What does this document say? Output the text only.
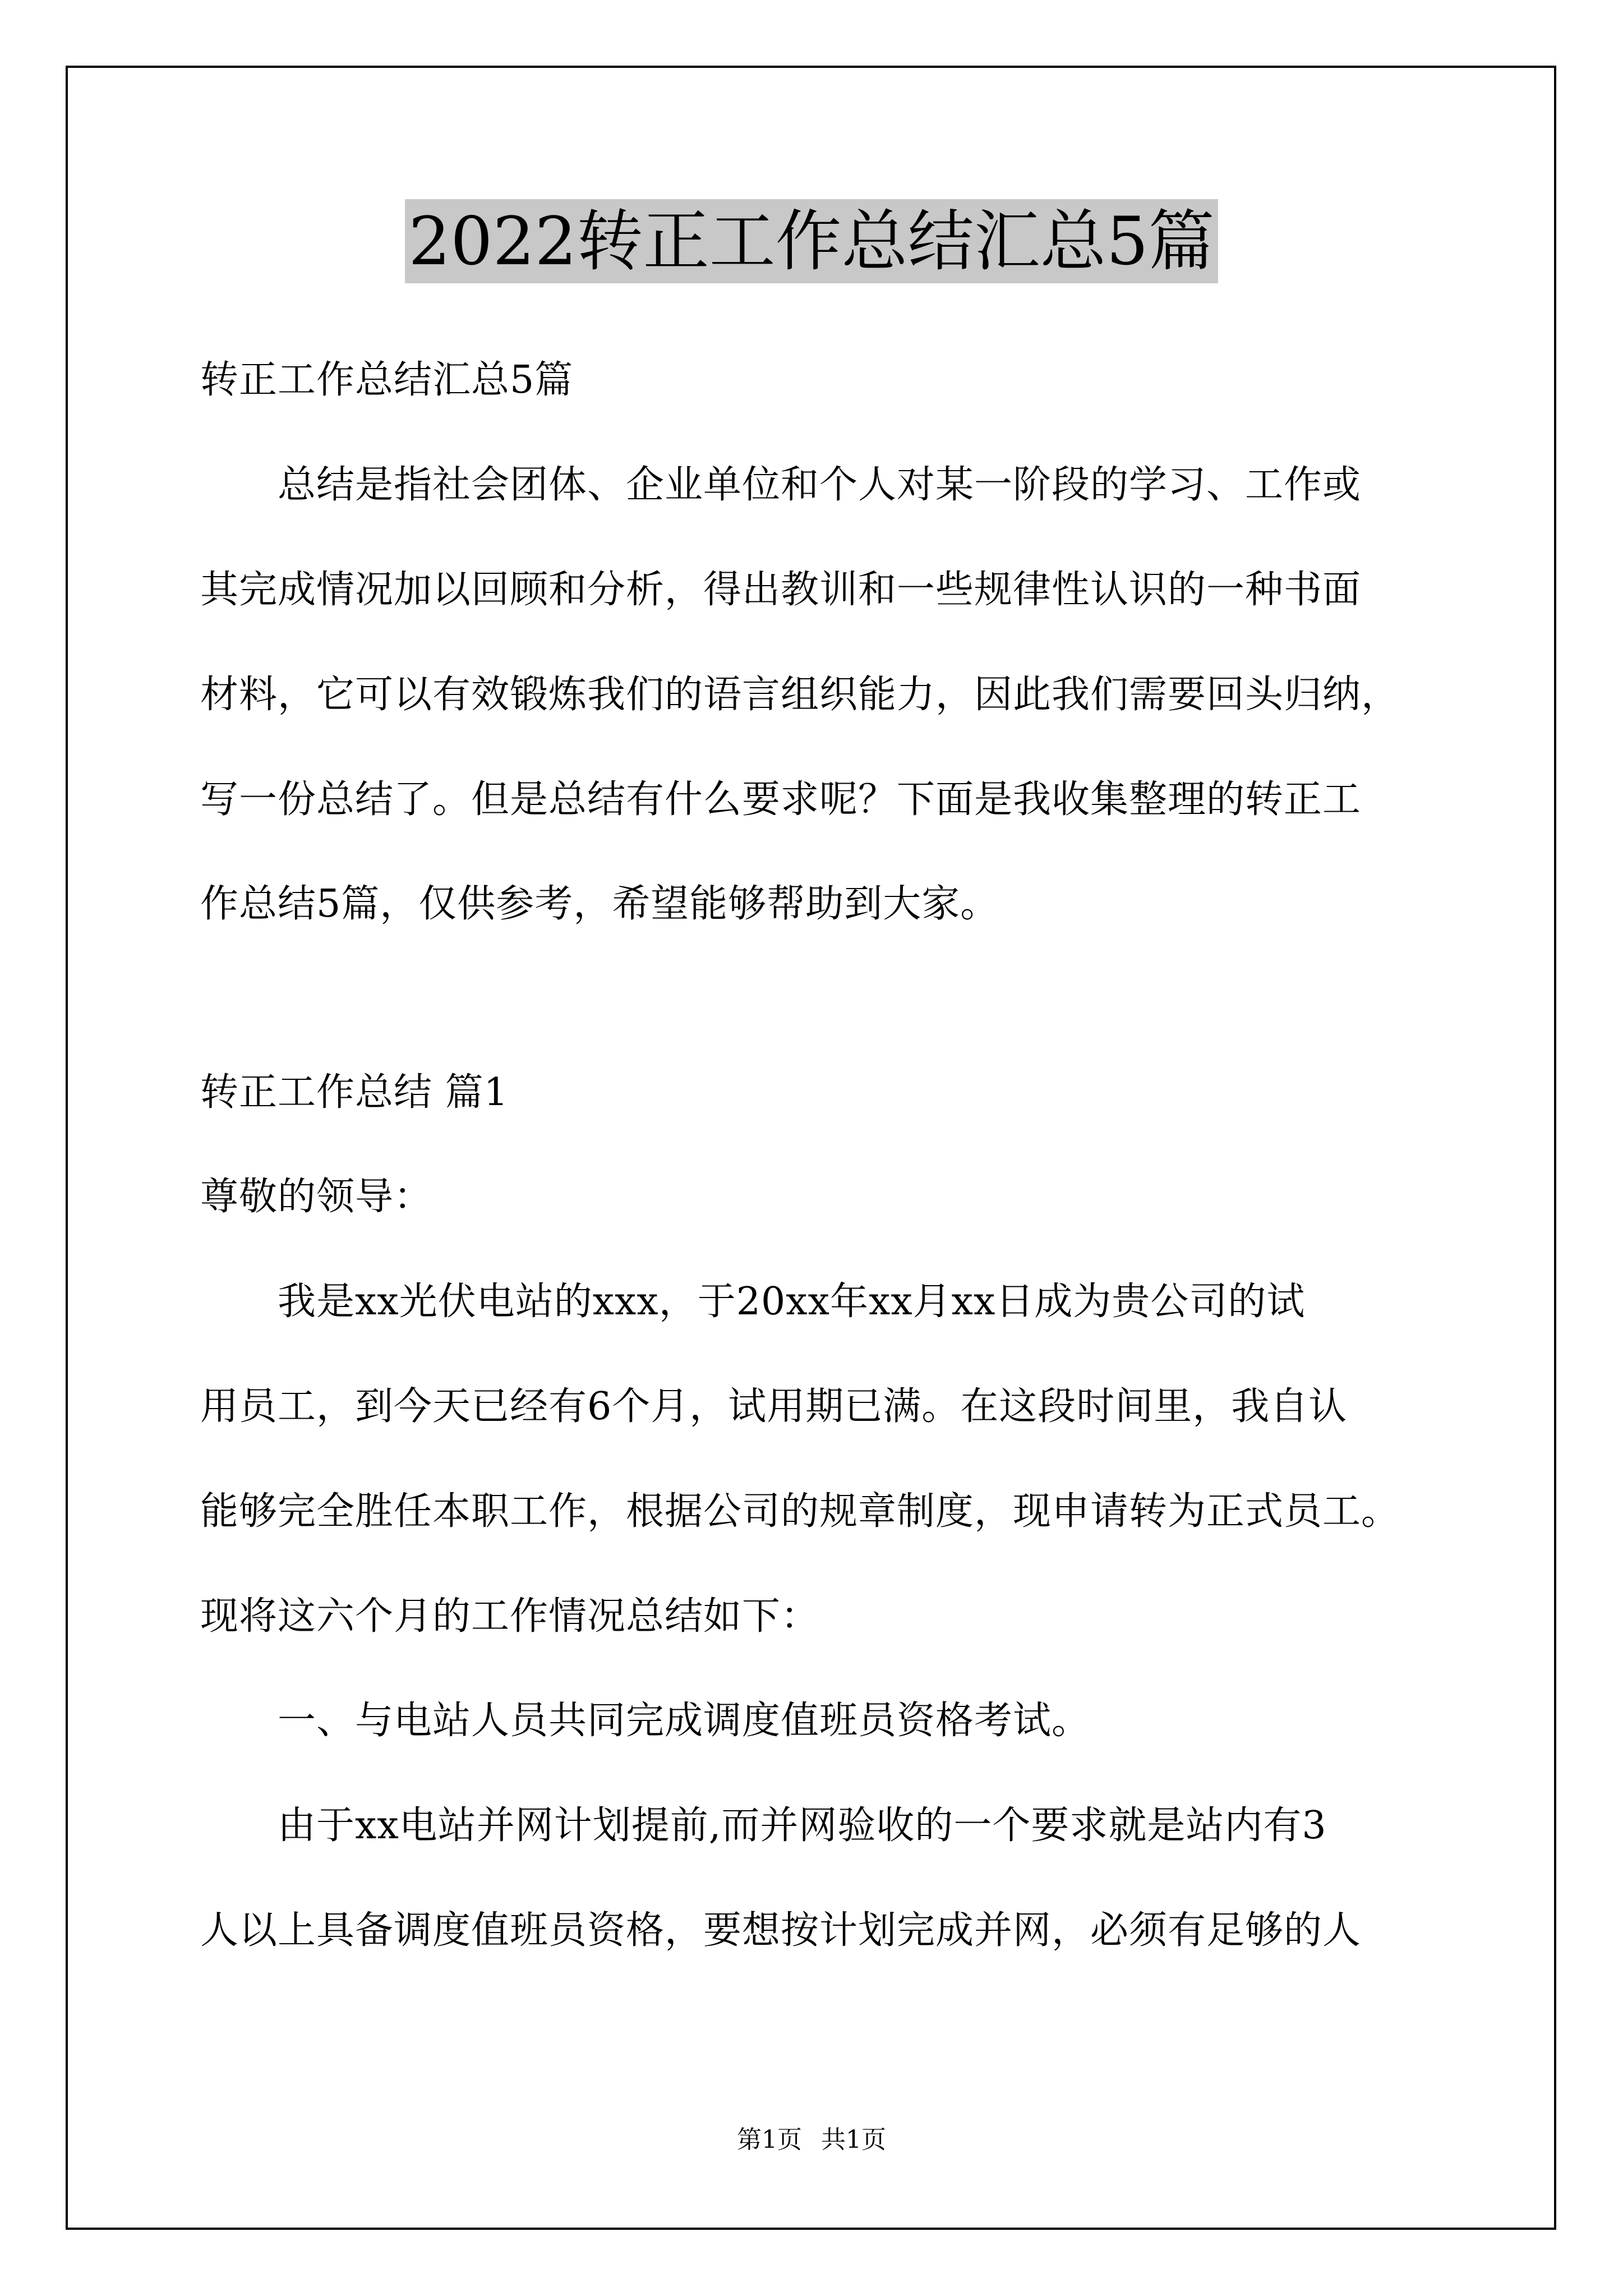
2022转正工作总结汇总5篇
转正工作总结汇总5篇
　　总结是指社会团体、企业单位和个人对某一阶段的学习、工作或
其完成情况加以回顾和分析，得出教训和一些规律性认识的一种书面
材料，它可以有效锻炼我们的语言组织能力，因此我们需要回头归纳，
写一份总结了。但是总结有什么要求呢？下面是我收集整理的转正工
作总结5篇，仅供参考，希望能够帮助到大家。
转正工作总结 篇1
尊敬的领导：
　　我是xx光伏电站的xxx，于20xx年xx月xx日成为贵公司的试
用员工，到今天已经有6个月，试用期已满。在这段时间里，我自认
能够完全胜任本职工作，根据公司的规章制度，现申请转为正式员工。
现将这六个月的工作情况总结如下：
　　一、与电站人员共同完成调度值班员资格考试。
　　由于xx电站并网计划提前,而并网验收的一个要求就是站内有3
人以上具备调度值班员资格，要想按计划完成并网，必须有足够的人
第1页 共1页
